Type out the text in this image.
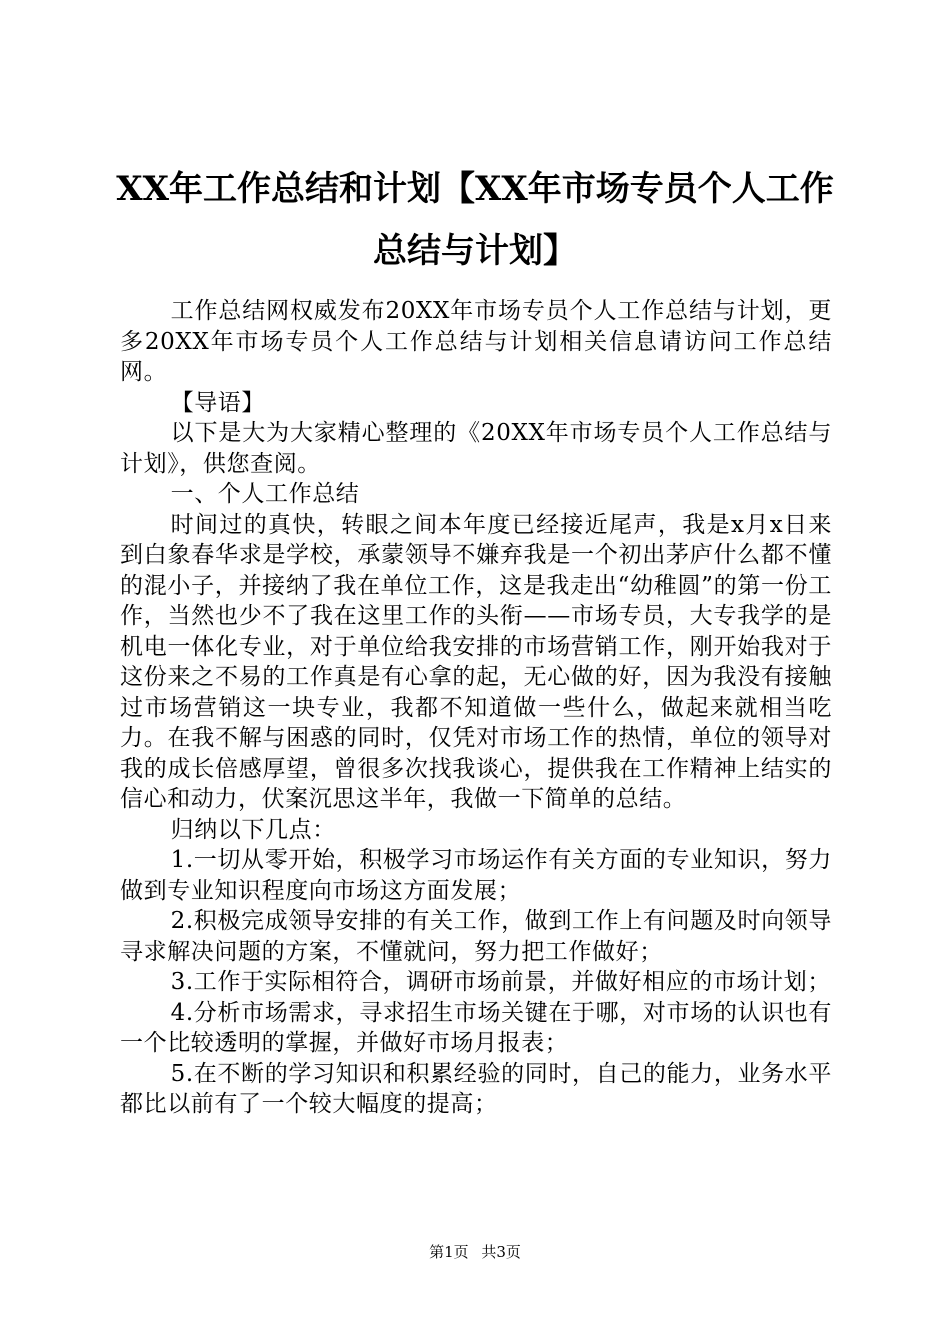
XX年工作总结和计划【XX年市场专员个人工作总结与计划】

工作总结网权威发布20XX年市场专员个人工作总结与计划，更多20XX年市场专员个人工作总结与计划相关信息请访问工作总结网。

【导语】

以下是大为大家精心整理的《20XX年市场专员个人工作总结与计划》，供您查阅。

一、个人工作总结

时间过的真快，转眼之间本年度已经接近尾声，我是x月x日来到白象春华求是学校，承蒙领导不嫌弃我是一个初出茅庐什么都不懂的混小子，并接纳了我在单位工作，这是我走出“幼稚圆”的第一份工作，当然也少不了我在这里工作的头衔——市场专员，大专我学的是机电一体化专业，对于单位给我安排的市场营销工作，刚开始我对于这份来之不易的工作真是有心拿的起，无心做的好，因为我没有接触过市场营销这一块专业，我都不知道做一些什么，做起来就相当吃力。在我不解与困惑的同时，仅凭对市场工作的热情，单位的领导对我的成长倍感厚望，曾很多次找我谈心，提供我在工作精神上结实的信心和动力，伏案沉思这半年，我做一下简单的总结。

归纳以下几点：

1.一切从零开始，积极学习市场运作有关方面的专业知识，努力做到专业知识程度向市场这方面发展；

2.积极完成领导安排的有关工作，做到工作上有问题及时向领导寻求解决问题的方案，不懂就问，努力把工作做好；

3.工作于实际相符合，调研市场前景，并做好相应的市场计划；

4.分析市场需求，寻求招生市场关键在于哪，对市场的认识也有一个比较透明的掌握，并做好市场月报表；

5.在不断的学习知识和积累经验的同时，自己的能力，业务水平都比以前有了一个较大幅度的提高；

第1页 共3页
